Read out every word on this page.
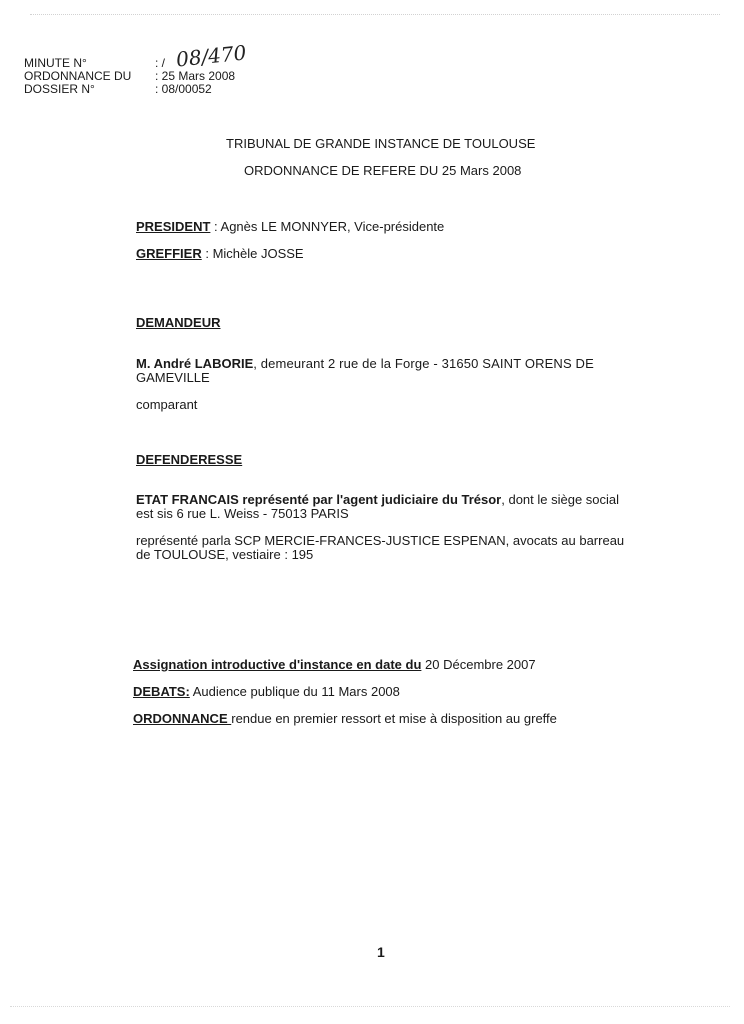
MINUTE N°	: / 08/470
ORDONNANCE DU : 25 Mars 2008
DOSSIER N°	: 08/00052
TRIBUNAL DE GRANDE INSTANCE DE TOULOUSE
ORDONNANCE DE REFERE DU 25 Mars 2008
PRESIDENT : Agnès LE MONNYER, Vice-présidente
GREFFIER : Michèle JOSSE
DEMANDEUR
M. André LABORIE, demeurant 2 rue de la Forge - 31650 SAINT ORENS DE
GAMEVILLE
comparant
DEFENDERESSE
ETAT FRANCAIS représenté par l'agent judiciaire du Trésor, dont le siège social
est sis 6 rue L. Weiss - 75013 PARIS
représenté parla SCP MERCIE-FRANCES-JUSTICE ESPENAN, avocats au barreau
de TOULOUSE, vestiaire : 195
Assignation introductive d'instance en date du 20 Décembre 2007
DEBATS: Audience publique du 11 Mars 2008
ORDONNANCE rendue en premier ressort et mise à disposition au greffe
1
